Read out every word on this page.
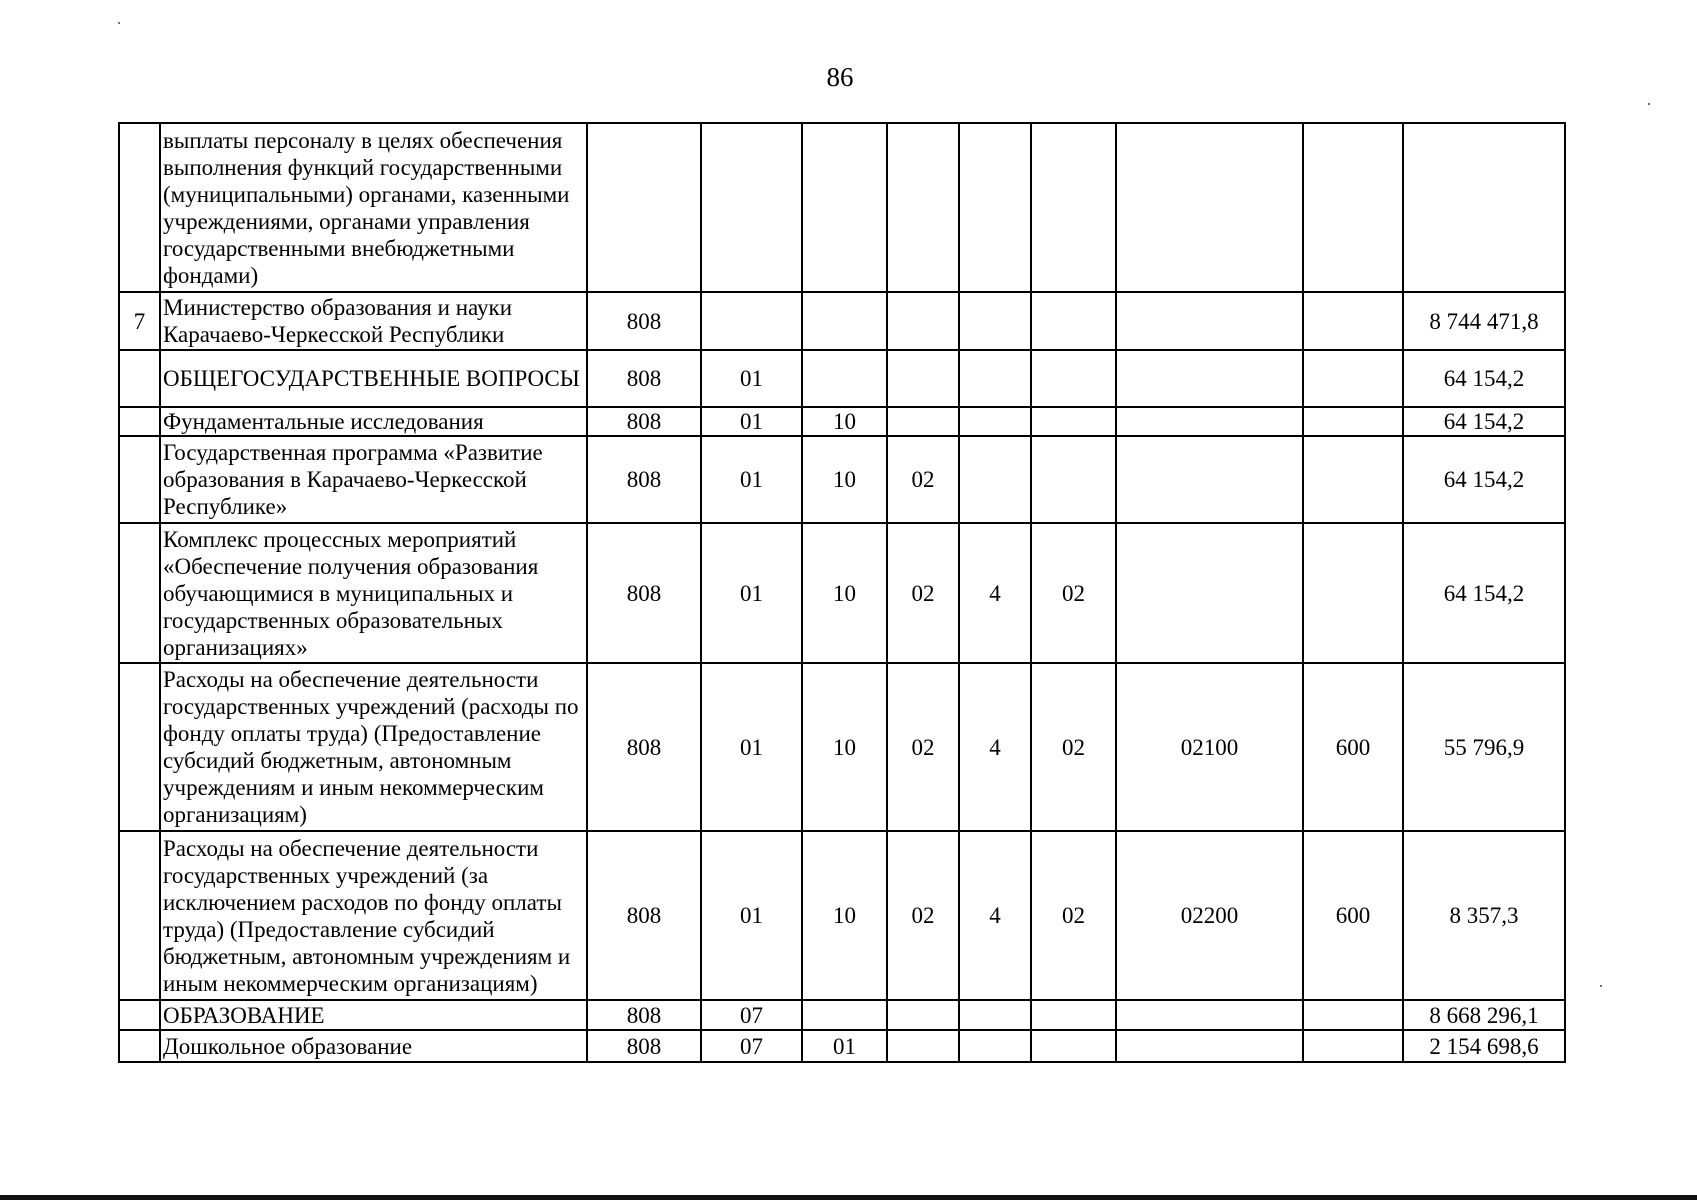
86
	выплаты персоналу в целях обеспечения выполнения функций государственными (муниципальными) органами, казенными учреждениями, органами управления государственными внебюджетными фондами)									
7	Министерство образования и науки Карачаево-Черкесской Республики	808								8 744 471,8
	ОБЩЕГОСУДАРСТВЕННЫЕ ВОПРОСЫ	808	01							64 154,2
	Фундаментальные исследования	808	01	10						64 154,2
	Государственная программа «Развитие образования в Карачаево-Черкесской Республике»	808	01	10	02					64 154,2
	Комплекс процессных мероприятий «Обеспечение получения образования обучающимися в муниципальных и государственных образовательных организациях»	808	01	10	02	4	02			64 154,2
	Расходы на обеспечение деятельности государственных учреждений (расходы по фонду оплаты труда) (Предоставление субсидий бюджетным, автономным учреждениям и иным некоммерческим организациям)	808	01	10	02	4	02	02100	600	55 796,9
	Расходы на обеспечение деятельности государственных учреждений (за исключением расходов по фонду оплаты труда) (Предоставление субсидий бюджетным, автономным учреждениям и иным некоммерческим организациям)	808	01	10	02	4	02	02200	600	8 357,3
	ОБРАЗОВАНИЕ	808	07							8 668 296,1
	Дошкольное образование	808	07	01						2 154 698,6
